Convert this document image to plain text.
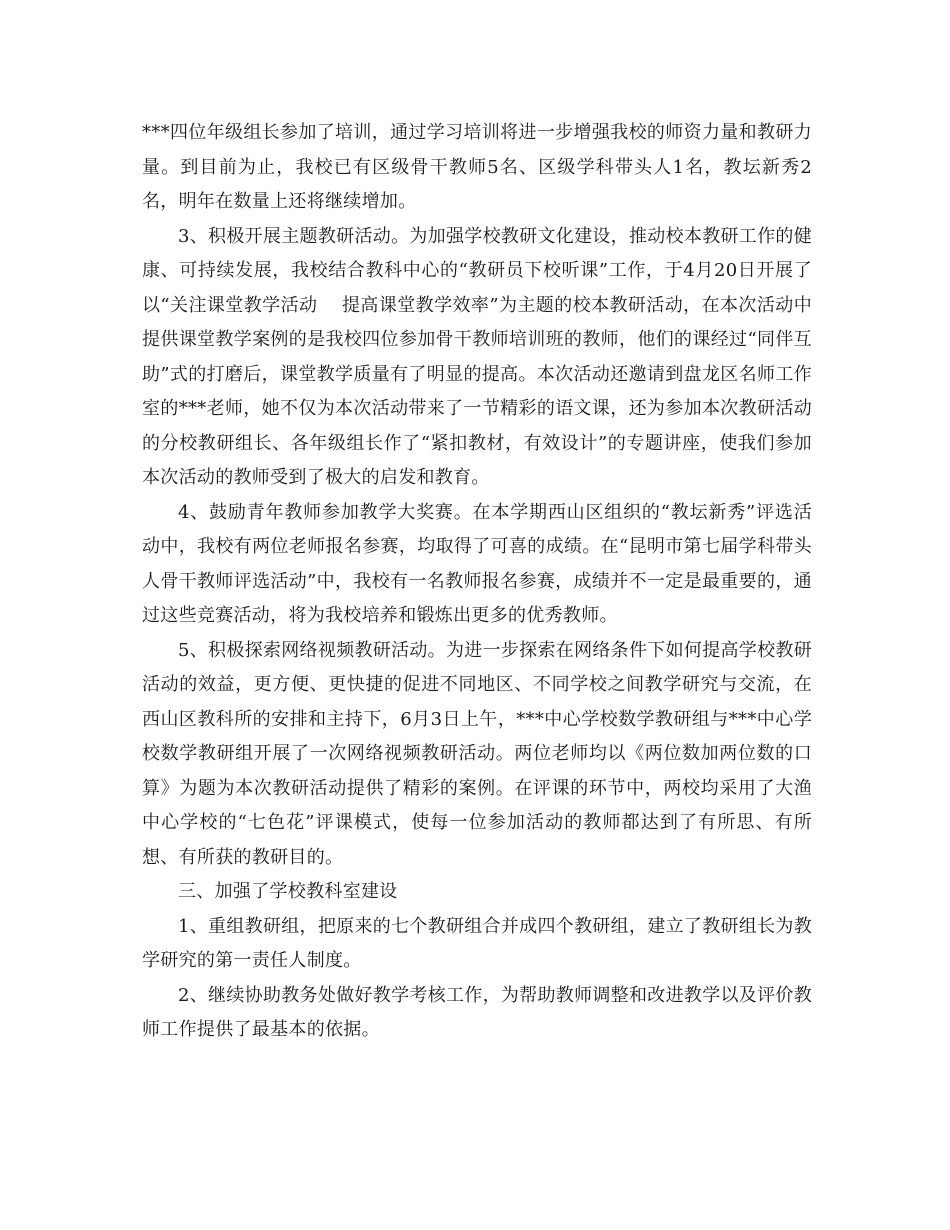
***四位年级组长参加了培训，通过学习培训将进一步增强我校的师资力量和教研力量。到目前为止，我校已有区级骨干教师5名、区级学科带头人1名，教坛新秀2名，明年在数量上还将继续增加。

3、积极开展主题教研活动。为加强学校教研文化建设，推动校本教研工作的健康、可持续发展，我校结合教科中心的“教研员下校听课”工作，于4月20日开展了以“关注课堂教学活动　 提高课堂教学效率”为主题的校本教研活动，在本次活动中提供课堂教学案例的是我校四位参加骨干教师培训班的教师，他们的课经过“同伴互助”式的打磨后，课堂教学质量有了明显的提高。本次活动还邀请到盘龙区名师工作室的***老师，她不仅为本次活动带来了一节精彩的语文课，还为参加本次教研活动的分校教研组长、各年级组长作了“紧扣教材，有效设计”的专题讲座，使我们参加本次活动的教师受到了极大的启发和教育。

4、鼓励青年教师参加教学大奖赛。在本学期西山区组织的“教坛新秀”评选活动中，我校有两位老师报名参赛，均取得了可喜的成绩。在“昆明市第七届学科带头人骨干教师评选活动”中，我校有一名教师报名参赛，成绩并不一定是最重要的，通过这些竞赛活动，将为我校培养和锻炼出更多的优秀教师。

5、积极探索网络视频教研活动。为进一步探索在网络条件下如何提高学校教研活动的效益，更方便、更快捷的促进不同地区、不同学校之间教学研究与交流，在西山区教科所的安排和主持下，6月3日上午，***中心学校数学教研组与***中心学校数学教研组开展了一次网络视频教研活动。两位老师均以《两位数加两位数的口算》为题为本次教研活动提供了精彩的案例。在评课的环节中，两校均采用了大渔中心学校的“七色花”评课模式，使每一位参加活动的教师都达到了有所思、有所想、有所获的教研目的。

三、加强了学校教科室建设

1、重组教研组，把原来的七个教研组合并成四个教研组，建立了教研组长为教学研究的第一责任人制度。

2、继续协助教务处做好教学考核工作，为帮助教师调整和改进教学以及评价教师工作提供了最基本的依据。
